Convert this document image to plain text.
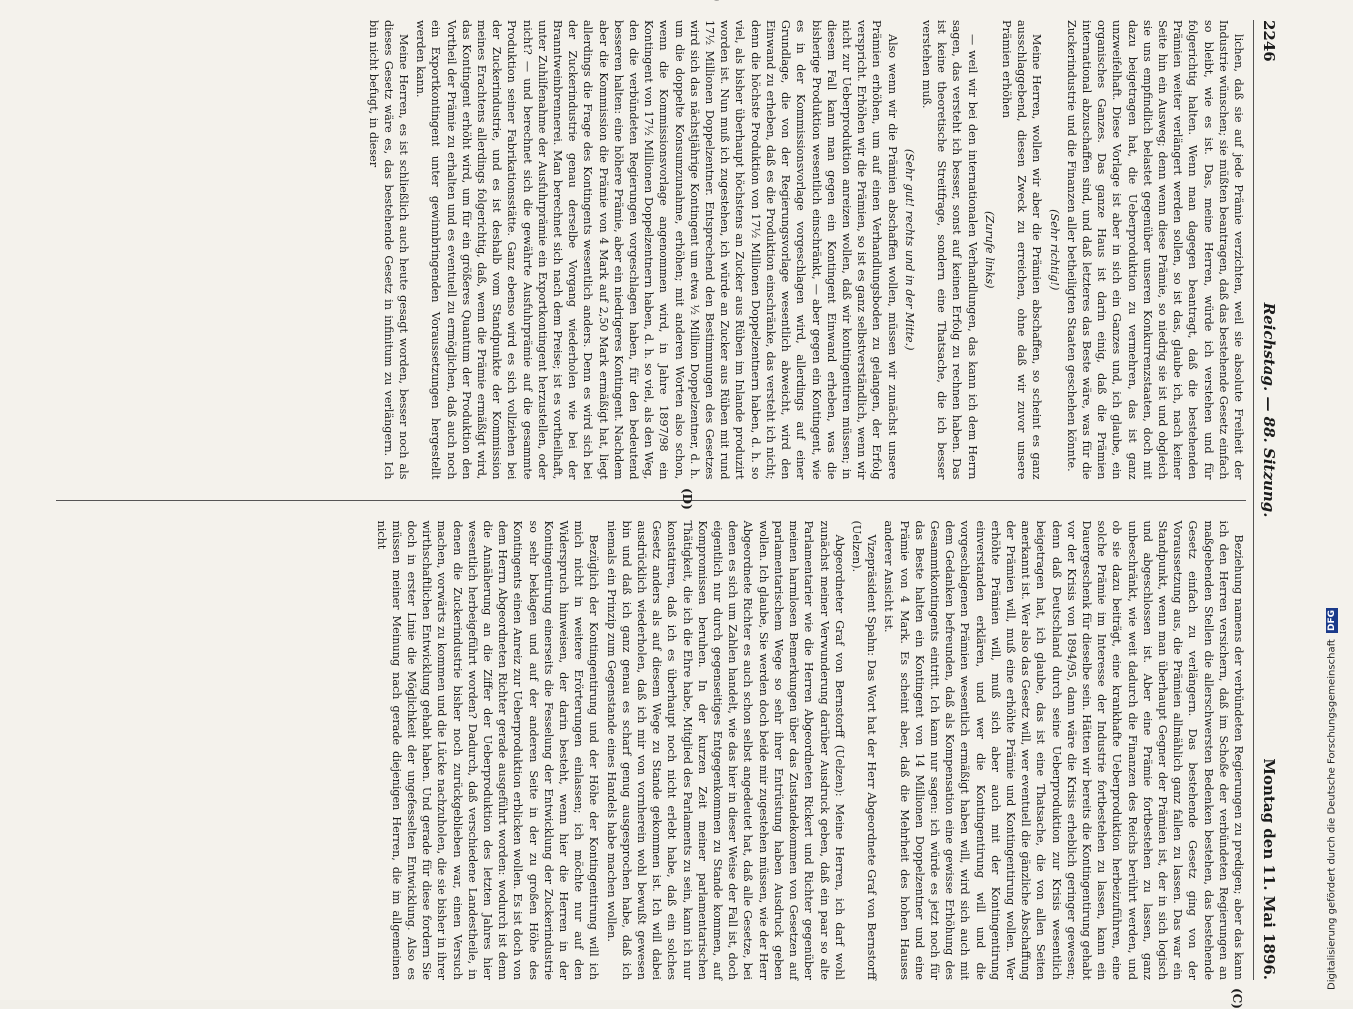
2246
Reichstag. — 88. Sitzung.
Montag den 11. Mai 1896.

lichen, daß sie auf jede Prämie verzichten, weil sie absolute Freiheit der Industrie wünschen; sie müßten beantragen, daß das bestehende Gesetz einfach so bleibt, wie es ist. Das, meine Herren, würde ich verstehen und für folgerichtig halten. Wenn man dagegen beantragt, daß die bestehenden Prämien weiter verlängert werden sollen, so ist das, glaube ich, nach keiner Seite hin ein Ausweg; denn wenn diese Prämie, so niedrig sie ist und obgleich sie uns empfindlich belastet gegenüber unseren Konkurrenzstaaten, doch mit dazu beigetragen hat, die Ueberproduktion zu vermehren, das ist ganz unzweifelhaft. Diese Vorlage ist aber in sich ein Ganzes und, ich glaube, ein organisches Ganzes. Das ganze Haus ist darin einig, daß die Prämien international abzuschaffen sind, und daß letzteres das Beste wäre, was für die Zuckerindustrie und die Finanzen aller betheiligten Staaten geschehen könnte.

(Sehr richtig!)

Meine Herren, wollen wir aber die Prämien abschaffen, so scheint es ganz ausschlaggebend, diesen Zweck zu erreichen, ohne daß wir zuvor unsere Prämien erhöhen

(Zurufe links)

— weil wir bei den internationalen Verhandlungen, das kann ich dem Herrn sagen, das versteht ich besser, sonst auf keinen Erfolg zu rechnen haben. Das ist keine theoretische Streitfrage, sondern eine Thatsache, die ich besser verstehen muß.

(Sehr gut! rechts und in der Mitte.)

Also wenn wir die Prämien abschaffen wollen, müssen wir zunächst unsere Prämien erhöhen, um auf einen Verhandlungsboden zu gelangen, der Erfolg verspricht. Erhöhen wir die Prämien, so ist es ganz selbstverständlich, wenn wir nicht zur Ueberproduktion anreizen wollen, daß wir kontingentiren müssen; in diesem Fall kann man gegen ein Kontingent Einwand erheben, was die bisherige Produktion wesentlich einschränkt, — aber gegen ein Kontingent, wie es in der Kommissionsvorlage vorgeschlagen wird, allerdings auf einer Grundlage, die von der Regierungsvorlage wesentlich abweicht, wird den Einwand zu erheben, daß es die Produktion einschränke, das versteht ich nicht; denn die höchste Produktion von 17½ Millionen Doppelzentnern haben, d. h. so viel, als bisher überhaupt höchstens an Zucker aus Rüben im Inlande produzirt worden ist. Nun muß ich zugestehen, ich würde an Zucker aus Rüben mit rund 17½ Millionen Doppelzentner. Entsprechend den Bestimmungen des Gesetzes wird sich das nächstjährige Kontingent um etwa ½ Million Doppelzentner, d. h. um die doppelte Konsumzunahme, erhöhen; mit anderen Worten also schon, wenn die Kommissionsvorlage angenommen wird, in Jahre 1897/98 ein Kontingent von 17½ Millionen Doppelzentnern haben, d. h. so viel, als den Weg, den die verbündeten Regierungen vorgeschlagen haben, für den bedeutend besseren halten: eine höhere Prämie, aber ein niedrigeres Kontingent. Nachdem aber die Kommission die Prämie von 4 Mark auf 2,50 Mark ermäßigt hat, liegt allerdings die Frage des Kontingents wesentlich anders. Denn es wird sich bei der Zuckerindustrie genau derselbe Vorgang wiederholen wie bei der Branntweinbrennerei. Man berechnet sich nach dem Preise; ist es vortheilhaft, unter Zuhilfenahme der Ausfuhrprämie ein Exportkontingent herzustellen, oder nicht? — und berechnet sich die gewährte Ausfuhrprämie auf die gesammte Produktion seiner Fabrikationsstätte. Ganz ebenso wird es sich vollziehen bei der Zuckerindustrie, und es ist deshalb vom Standpunkte der Kommission meines Erachtens allerdings folgerichtig, daß, wenn die Prämie ermäßigt wird, das Kontingent erhöht wird, um für ein größeres Quantum der Produktion den Vortheil der Prämie zu erhalten und es eventuell zu ermöglichen, daß auch noch ein Exportkontingent unter gewinnbringenden Voraussetzungen hergestellt werden kann.

Meine Herren, es ist schließlich auch heute gesagt worden, besser noch als dieses Gesetz wäre es, das bestehende Gesetz in infinitum zu verlängern. Ich bin nicht befugt, in dieser

Beziehung namens der verbündeten Regierungen zu predigen; aber das kann ich den Herren versichern, daß im Schoße der verbündeten Regierungen an maßgebenden Stellen die allerschwersten Bedenken bestehen, das bestehende Gesetz einfach zu verlängern. Das bestehende Gesetz ging von der Voraussetzung aus, die Prämien allmählich ganz fallen zu lassen. Das war ein Standpunkt, wenn man überhaupt Gegner der Prämien ist, der in sich logisch und abgeschlossen ist. Aber eine Prämie fortbestehen zu lassen, ganz unbeschränkt, wie weit dadurch die Finanzen des Reichs berührt werden, und ob sie dazu beiträgt, eine krankhafte Ueberproduktion herbeizuführen, eine solche Prämie im Interesse der Industrie fortbestehen zu lassen, kann ein Dauergeschenk für dieselbe sein. Hätten wir bereits die Kontingentirung gehabt vor der Krisis von 1894/95, dann wäre die Krisis erheblich geringer gewesen; denn daß Deutschland durch seine Ueberproduktion zur Krisis wesentlich beigetragen hat, ich glaube, das ist eine Thatsache, die von allen Seiten anerkannt ist. Wer also das Gesetz will, wer eventuell die gänzliche Abschaffung der Prämien will, muß eine erhöhte Prämie und Kontingentirung wollen. Wer erhöhte Prämien will, muß sich aber auch mit der Kontingentirung einverstanden erklären, und wer die Kontingentirung will und die vorgeschlagenen Prämien wesentlich ermäßigt haben will, wird sich auch mit dem Gedanken befreunden, daß als Kompensation eine gewisse Erhöhung des Gesammtkontingents eintritt. Ich kann nur sagen: ich würde es jetzt noch für das Beste halten ein Kontingent von 14 Millionen Doppelzentner und eine Prämie von 4 Mark. Es scheint aber, daß die Mehrheit des hohen Hauses anderer Ansicht ist.

Vizepräsident Spahn: Das Wort hat der Herr Abgeordnete Graf von Bernstorff (Uelzen).

Abgeordneter Graf von Bernstorff (Uelzen): Meine Herren, ich darf wohl zunächst meiner Verwunderung darüber Ausdruck geben, daß ein paar so alte Parlamentarier wie die Herren Abgeordneten Rickert und Richter gegenüber meinen harmlosen Bemerkungen über das Zustandekommen von Gesetzen auf parlamentarischem Wege so sehr ihrer Entrüstung haben Ausdruck geben wollen. Ich glaube, Sie werden doch beide mir zugestehen müssen, wie der Herr Abgeordnete Richter es auch schon selbst angedeutet hat, daß alle Gesetze, bei denen es sich um Zahlen handelt, wie das hier in dieser Weise der Fall ist, doch eigentlich nur durch gegenseitiges Entgegenkommen zu Stande kommen, auf Kompromissen beruhen. In der kurzen Zeit meiner parlamentarischen Thätigkeit, die ich die Ehre habe, Mitglied des Parlaments zu sein, kann ich nur konstatiren, daß ich es überhaupt noch nicht erlebt habe, daß ein solches Gesetz anders als auf diesem Wege zu Stande gekommen ist. Ich will dabei ausdrücklich wiederholen, daß ich mir von vornherein wohl bewußt gewesen bin und daß ich ganz genau es scharf genug ausgesprochen habe, daß ich niemals ein Prinzip zum Gegenstande eines Handels habe machen wollen.

Bezüglich der Kontingentirung und der Höhe der Kontingentirung will ich mich nicht in weitere Erörterungen einlassen; ich möchte nur auf den Widerspruch hinweisen, der darin besteht, wenn hier die Herren in der Kontingentirung einerseits die Fesselung der Entwicklung der Zuckerindustrie so sehr beklagen und auf der anderen Seite in der zu großen Höhe des Kontingents einen Anreiz zur Ueberproduktion erblicken wollen. Es ist doch von dem Herrn Abgeordneten Richter gerade ausgeführt worden: wodurch ist denn die Annäherung an die Ziffer der Ueberproduktion des letzten Jahres hier wesentlich herbeigeführt worden? Dadurch, daß verschiedene Landestheile, in denen die Zuckerindustrie bisher noch zurückgeblieben war, einen Versuch machen, vorwärts zu kommen und die Lücke nachzuholen, die sie bisher in ihrer wirthschaftlichen Entwicklung gehabt haben. Und gerade für diese fordern Sie doch in erster Linie die Möglichkeit der ungefesselten Entwicklung. Also es müssen meiner Meinung nach gerade diejenigen Herren, die im allgemeinen nicht

(C)
(D)
Digitalisierung gefördert durch die Deutsche Forschungsgemeinschaft
DFG
